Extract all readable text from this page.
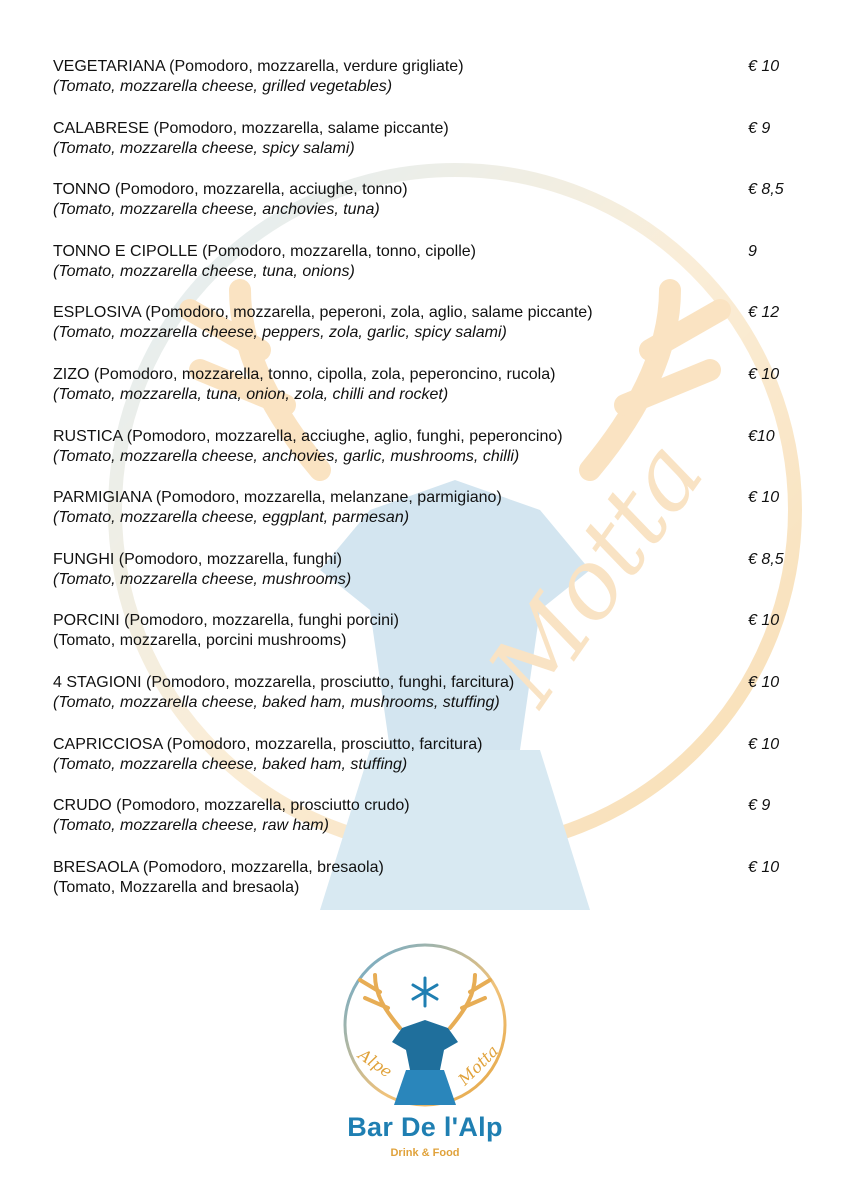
Motta
VEGETARIANA (Pomodoro, mozzarella, verdure grigliate)
(Tomato, mozzarella cheese, grilled vegetables)
€ 10
CALABRESE (Pomodoro, mozzarella, salame piccante)
(Tomato, mozzarella cheese, spicy salami)
€ 9
TONNO (Pomodoro, mozzarella, acciughe, tonno)
(Tomato, mozzarella cheese, anchovies, tuna)
€ 8,5
TONNO E CIPOLLE (Pomodoro, mozzarella, tonno, cipolle)
(Tomato, mozzarella cheese, tuna, onions)
9
ESPLOSIVA (Pomodoro, mozzarella, peperoni, zola, aglio, salame piccante)
(Tomato, mozzarella cheese, peppers, zola, garlic, spicy salami)
€ 12
ZIZO (Pomodoro, mozzarella, tonno, cipolla, zola, peperoncino, rucola)
(Tomato, mozzarella, tuna, onion, zola, chilli and rocket)
€ 10
RUSTICA (Pomodoro, mozzarella, acciughe, aglio, funghi, peperoncino)
(Tomato, mozzarella cheese, anchovies, garlic, mushrooms, chilli)
€10
PARMIGIANA (Pomodoro, mozzarella, melanzane, parmigiano)
(Tomato, mozzarella cheese, eggplant, parmesan)
€ 10
FUNGHI (Pomodoro, mozzarella, funghi)
(Tomato, mozzarella cheese, mushrooms)
€ 8,5
PORCINI (Pomodoro, mozzarella, funghi porcini)
(Tomato, mozzarella, porcini mushrooms)
€ 10
4 STAGIONI (Pomodoro, mozzarella, prosciutto, funghi, farcitura)
(Tomato, mozzarella cheese, baked ham, mushrooms, stuffing)
€ 10
CAPRICCIOSA (Pomodoro, mozzarella, prosciutto, farcitura)
(Tomato, mozzarella cheese, baked ham, stuffing)
€ 10
CRUDO (Pomodoro, mozzarella, prosciutto crudo)
(Tomato, mozzarella cheese, raw ham)
€ 9
BRESAOLA (Pomodoro, mozzarella, bresaola)
(Tomato, Mozzarella and bresaola)
€ 10
Alpe	Motta
Bar De l'Alp
Drink & Food
